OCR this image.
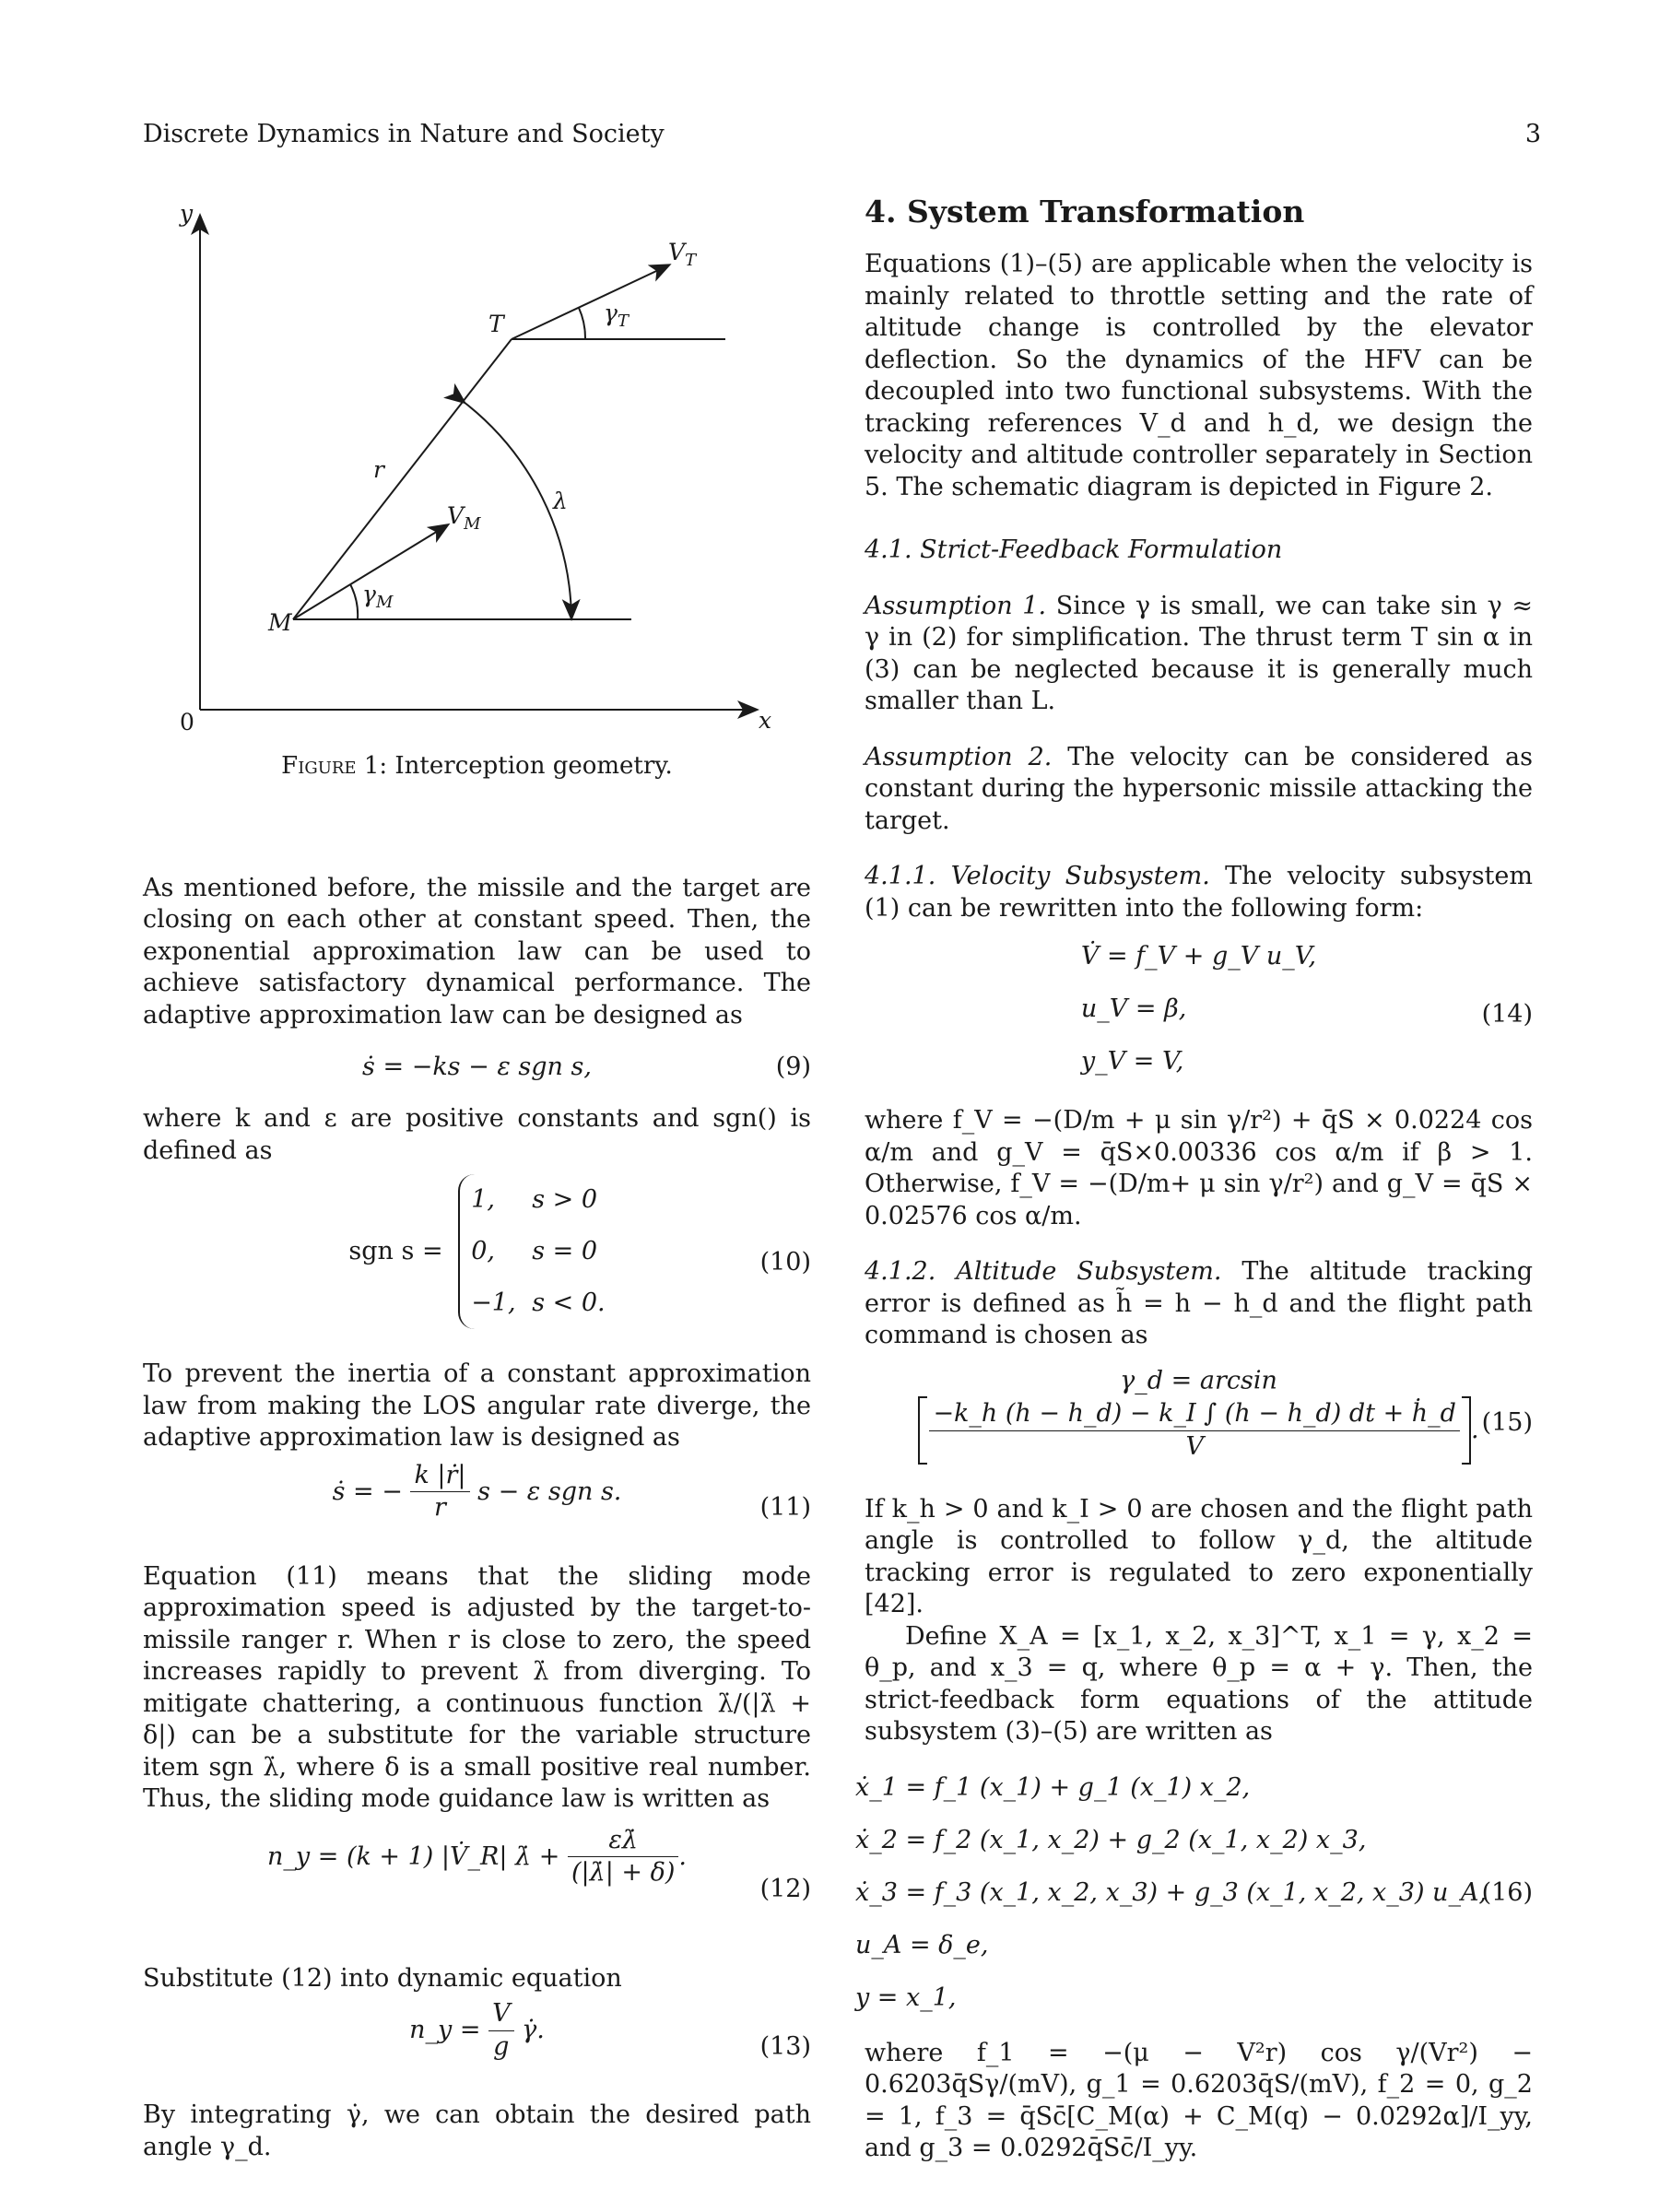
Discrete Dynamics in Nature and Society	3
y
x
0
M
T
r
λ
$V_M$
$V_T$
$\gamma_M$
$\gamma_T$
Figure 1: Interception geometry.

As mentioned before, the missile and the target are closing on each other at constant speed. Then, the exponential approximation law can be used to achieve satisfactory dynamical performance. The adaptive approximation law can be designed as

ṡ = −ks − ε sgn s,	(9)

where k and ε are positive constants and sgn() is defined as

sgn s =
1, s > 0
0, s = 0
−1, s < 0.
(10)

To prevent the inertia of a constant approximation law from making the LOS angular rate diverge, the adaptive approximation law is designed as

ṡ = − $\frac{\text{k |ṙ|}}{r}$ s − ε sgn s.
(11)

Equation (11) means that the sliding mode approximation speed is adjusted by the target-to-missile ranger r. When r is close to zero, the speed increases rapidly to prevent λ̇ from diverging. To mitigate chattering, a continuous function λ̇/(|λ̇ + δ|) can be a substitute for the variable structure item sgn λ̇, where δ is a small positive real number. Thus, the sliding mode guidance law is written as

n_y = (k + 1) |V̇_R| λ̇ + $\frac{\varepsilon\lambdȧ}{(|\lambdȧ| + \delta)}$ .
(12)

Substitute (12) into dynamic equation

n_y = $\frac{V}{g}$ γ̇.
(13)

By integrating γ̇, we can obtain the desired path angle γ_d.

4. System Transformation

Equations (1)–(5) are applicable when the velocity is mainly related to throttle setting and the rate of altitude change is controlled by the elevator deflection. So the dynamics of the HFV can be decoupled into two functional subsystems. With the tracking references V_d and h_d, we design the velocity and altitude controller separately in Section 5. The schematic diagram is depicted in Figure 2.

4.1. Strict-Feedback Formulation

Assumption 1. Since γ is small, we can take sin γ ≈ γ in (2) for simplification. The thrust term T sin α in (3) can be neglected because it is generally much smaller than L.

Assumption 2. The velocity can be considered as constant during the hypersonic missile attacking the target.

4.1.1. Velocity Subsystem. The velocity subsystem (1) can be rewritten into the following form:

V̇ = f_V + g_V u_V,
u_V = β,
y_V = V,
(14)

where f_V = −(D/m + μ sin γ/r²) + q̄S × 0.0224 cos α/m and g_V = q̄S×0.00336 cos α/m if β > 1. Otherwise, f_V = −(D/m+ μ sin γ/r²) and g_V = q̄S × 0.02576 cos α/m.

4.1.2. Altitude Subsystem. The altitude tracking error is defined as h̃ = h − h_d and the flight path command is chosen as

γ_d = arcsin
$\frac{\text{−k\_h (h − h\_d) − k\_I ∫ (h − h\_d) dt + ḣ\_d}}{V}$ . (15)

If k_h > 0 and k_I > 0 are chosen and the flight path angle is controlled to follow γ_d, the altitude tracking error is regulated to zero exponentially [42].

Define X_A = [x_1, x_2, x_3]^T, x_1 = γ, x_2 = θ_p, and x_3 = q, where θ_p = α + γ. Then, the strict-feedback form equations of the attitude subsystem (3)–(5) are written as

ẋ_1 = f_1 (x_1) + g_1 (x_1) x_2,
ẋ_2 = f_2 (x_1, x_2) + g_2 (x_1, x_2) x_3,
ẋ_3 = f_3 (x_1, x_2, x_3) + g_3 (x_1, x_2, x_3) u_A,
u_A = δ_e,
y = x_1,
(16)

where f_1 = −(μ − V²r) cos γ/(Vr²) − 0.6203q̄Sγ/(mV), g_1 = 0.6203q̄S/(mV), f_2 = 0, g_2 = 1, f_3 = q̄Sc̄[C_M(α) + C_M(q) − 0.0292α]/I_yy, and g_3 = 0.0292q̄Sc̄/I_yy.
